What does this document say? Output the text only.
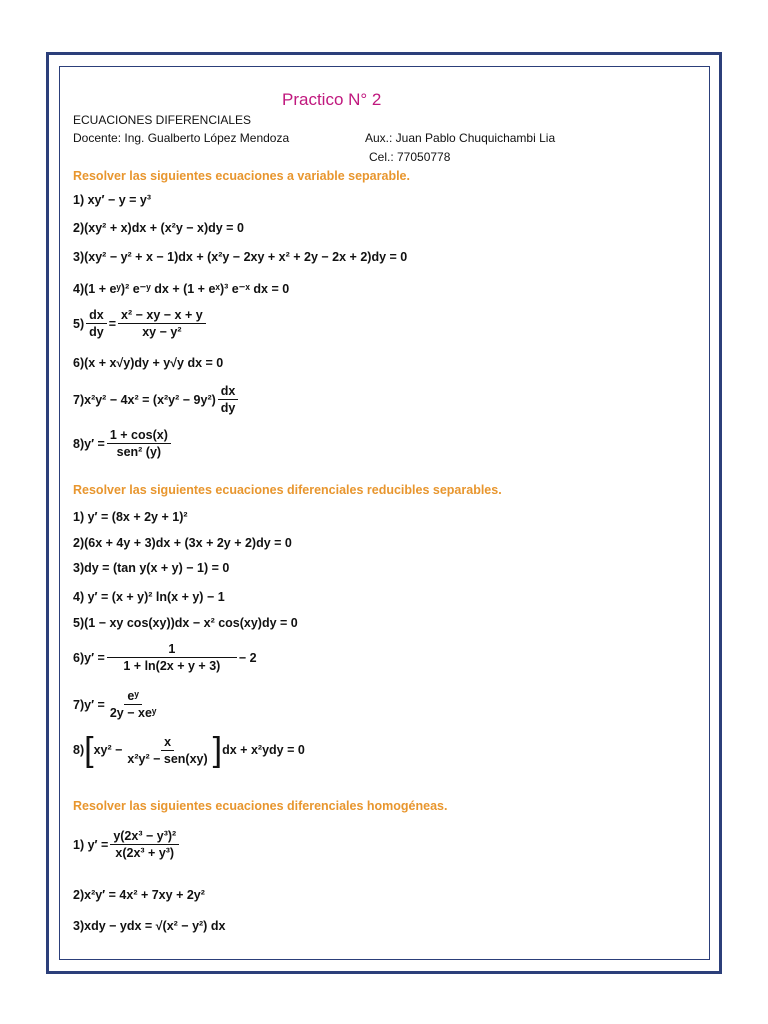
Practico N° 2
ECUACIONES DIFERENCIALES
Docente: Ing. Gualberto López Mendoza	Aux.: Juan Pablo Chuquichambi Lia
Cel.: 77050778
Resolver las siguientes ecuaciones a variable separable.
1) xy′ − y = y³
2)(xy² + x)dx + (x²y − x)dy = 0
3)(xy² − y² + x − 1)dx + (x²y − 2xy + x² + 2y − 2x + 2)dy = 0
4)(1 + eʸ)² e⁻ʸ dx + (1 + eˣ)³ e⁻ˣ dx = 0
$5) \frac{dx}{dy} = \frac{\text{x² − xy − x + y}}{\text{xy − y²}}$
6)(x + x√y)dy + y√y dx = 0
$7)x^2y^2 - 4x^2 = (x^2y^2 - 9y^2) \frac{dx}{dy}$
$8)y' = \frac{1 + \cos(x)}{\text{sen² (y)}}$
Resolver las siguientes ecuaciones diferenciales reducibles separables.
1) y′ = (8x + 2y + 1)²
2)(6x + 4y + 3)dx + (3x + 2y + 2)dy = 0
3)dy = (tan y(x + y) − 1) = 0
4) y′ = (x + y)² ln(x + y) − 1
5)(1 − xy cos(xy))dx − x² cos(xy)dy = 0
$6)y' = \frac{1}{1 + \ln(2x + y + 3)} - 2$
$7)y' = \frac{\text{eʸ}}{\text{2y − xeʸ}}$
8) [ $xy^2 - \frac{x}{\text{x²y² − sen(xy)}}$ ] dx + x²ydy = 0
Resolver las siguientes ecuaciones diferenciales homogéneas.
1) $y' = \frac{\text{y(2x³ − y³)²}}{\text{x(2x³ + y³)}}$
2)x²y′ = 4x² + 7xy + 2y²
3)xdy − ydx = √(x² − y²) dx
